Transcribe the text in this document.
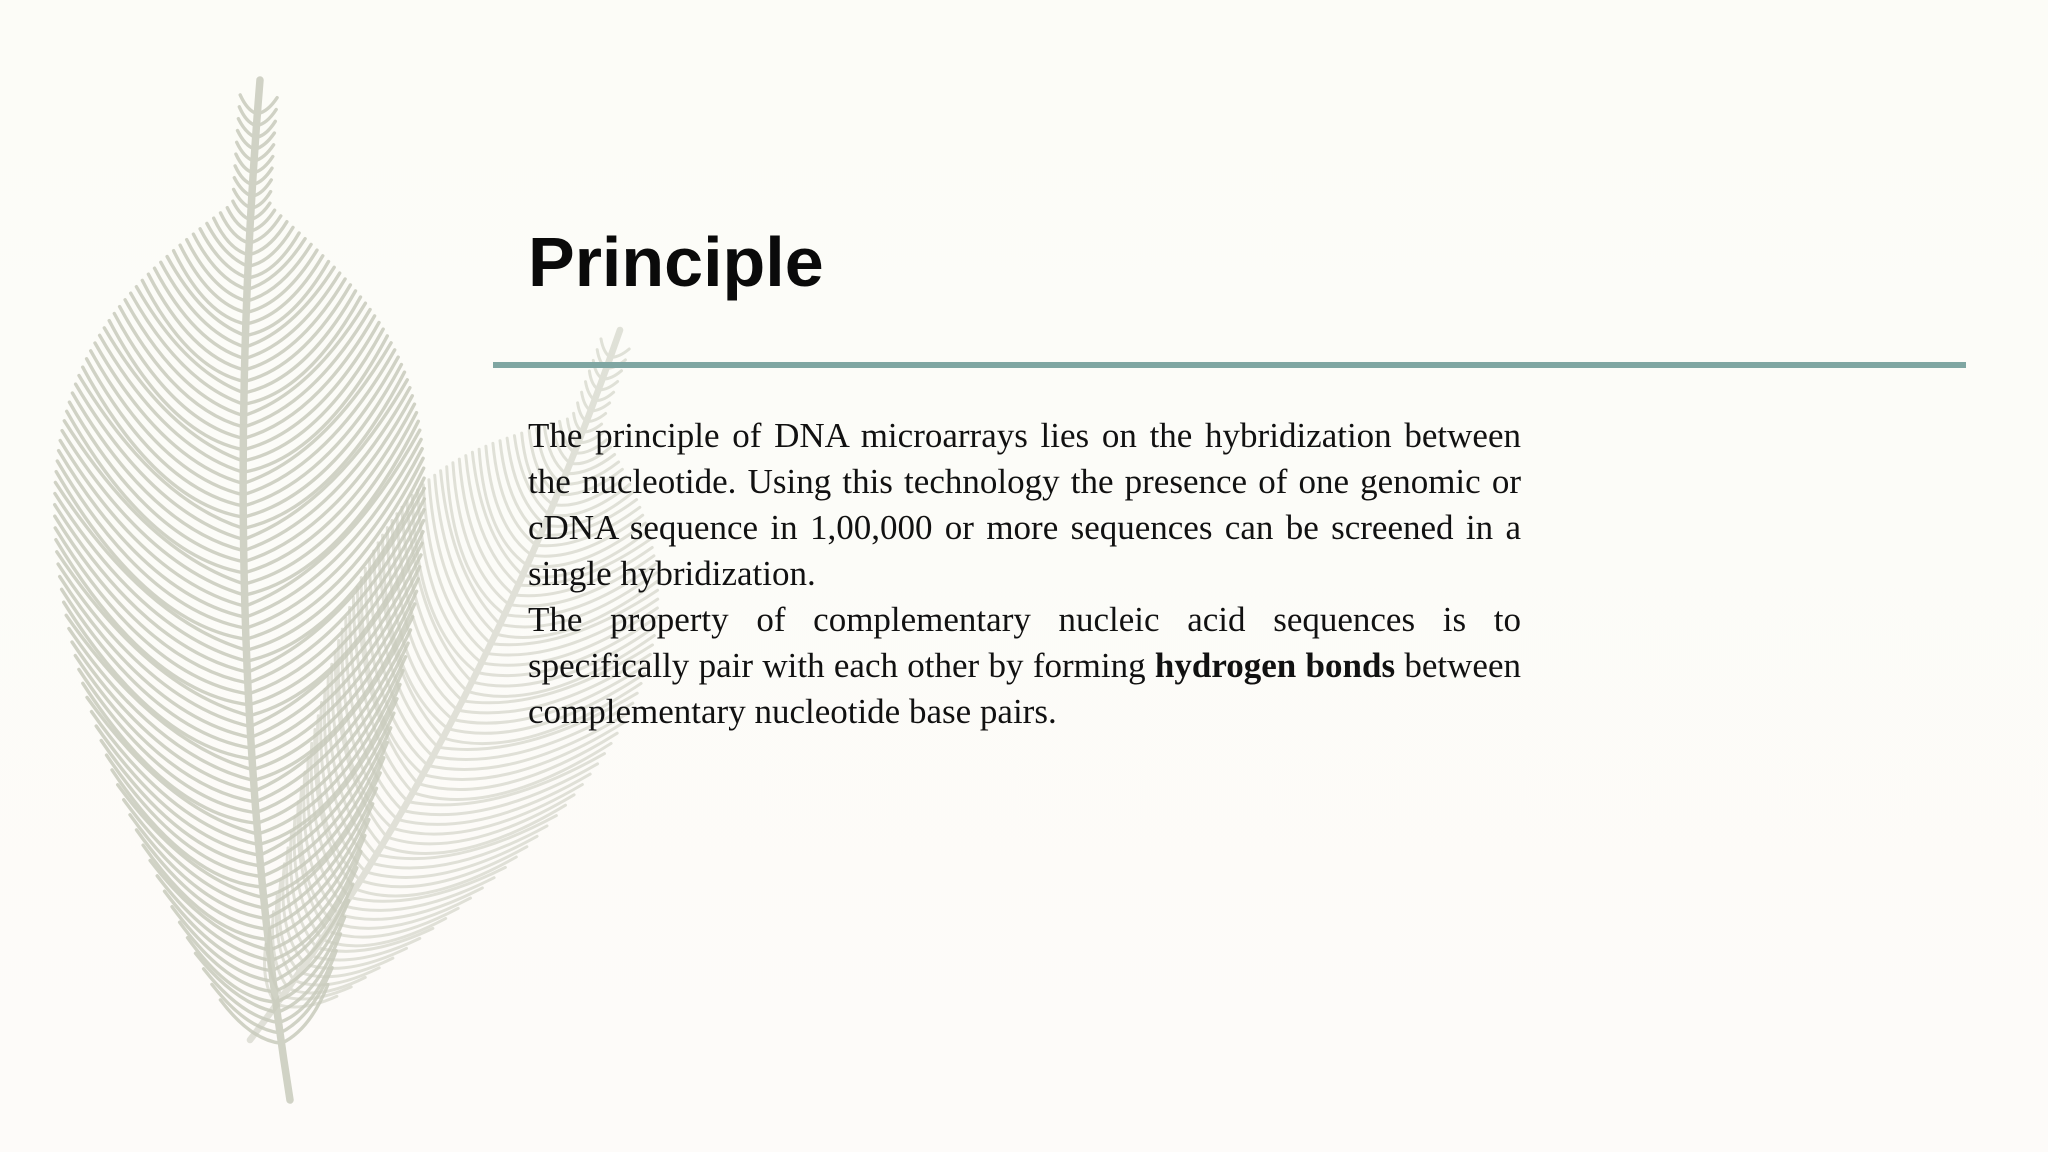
Principle

The principle of DNA microarrays lies on the hybridization between the nucleotide. Using this technology the presence of one genomic or cDNA sequence in 1,00,000 or more sequences can be screened in a single hybridization.

The property of complementary nucleic acid sequences is to specifically pair with each other by forming hydrogen bonds between complementary nucleotide base pairs.
